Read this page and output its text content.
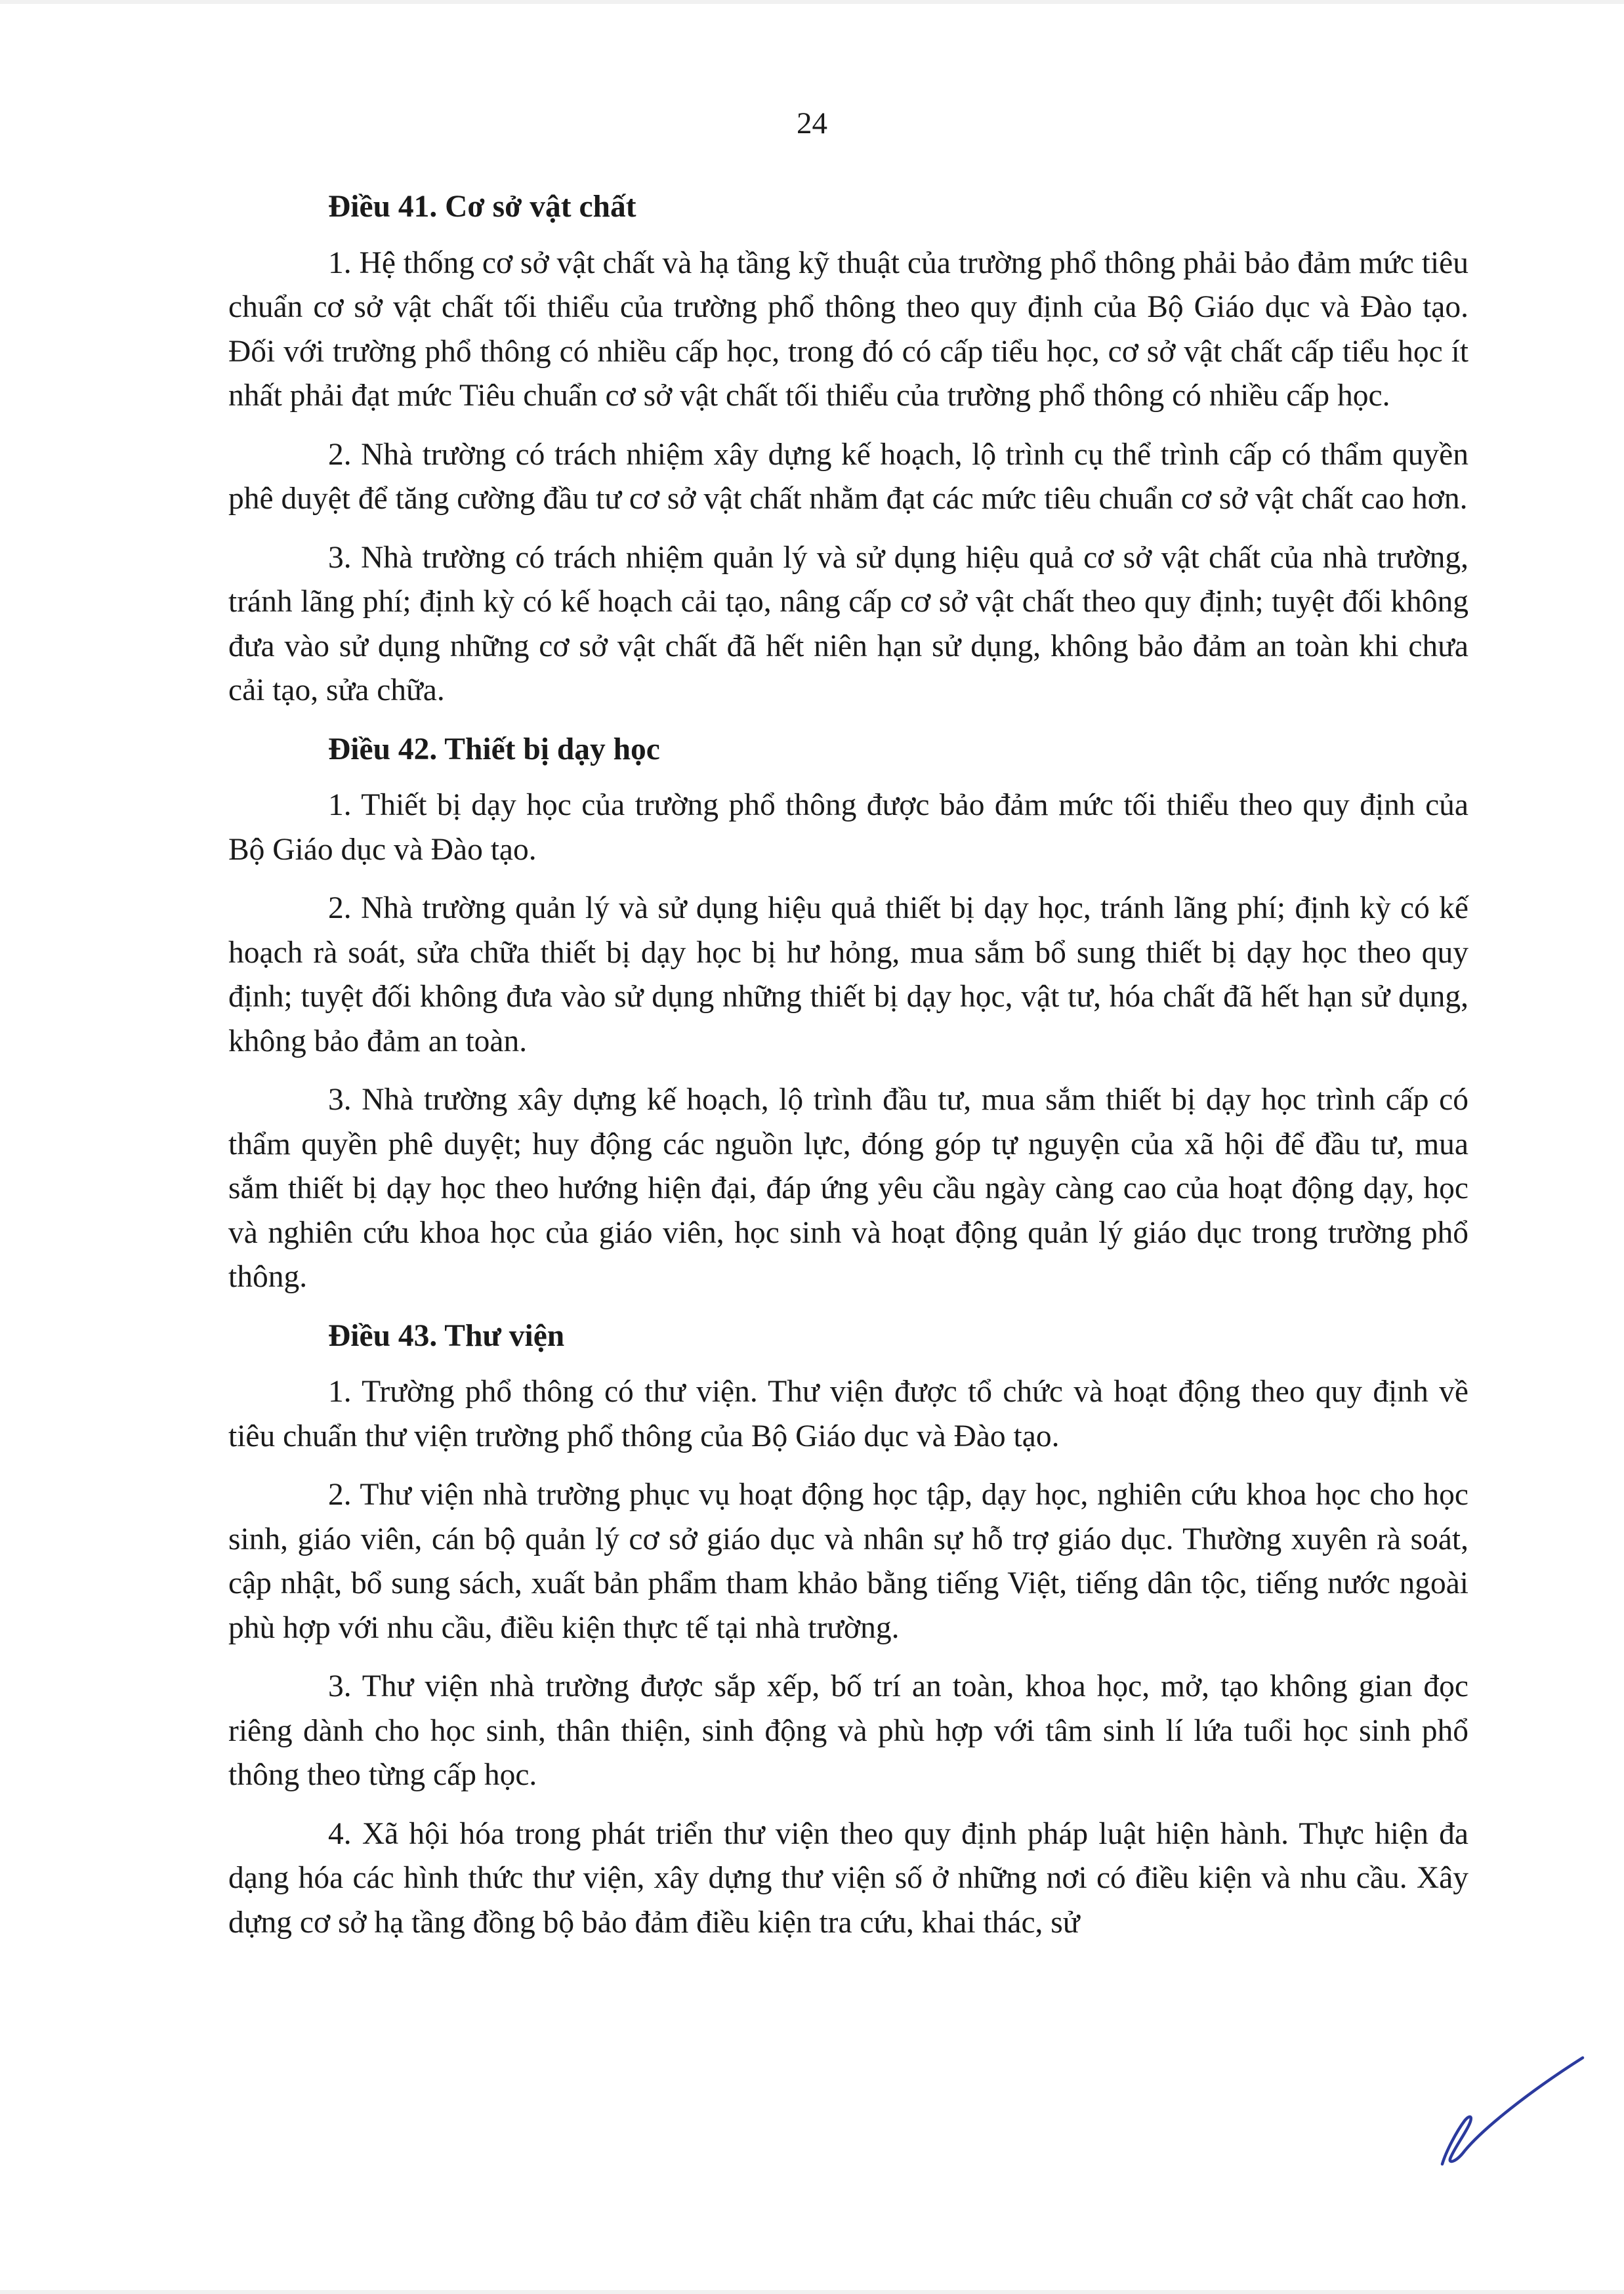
24

Điều 41. Cơ sở vật chất

1. Hệ thống cơ sở vật chất và hạ tầng kỹ thuật của trường phổ thông phải bảo đảm mức tiêu chuẩn cơ sở vật chất tối thiểu của trường phổ thông theo quy định của Bộ Giáo dục và Đào tạo. Đối với trường phổ thông có nhiều cấp học, trong đó có cấp tiểu học, cơ sở vật chất cấp tiểu học ít nhất phải đạt mức Tiêu chuẩn cơ sở vật chất tối thiểu của trường phổ thông có nhiều cấp học.

2. Nhà trường có trách nhiệm xây dựng kế hoạch, lộ trình cụ thể trình cấp có thẩm quyền phê duyệt để tăng cường đầu tư cơ sở vật chất nhằm đạt các mức tiêu chuẩn cơ sở vật chất cao hơn.

3. Nhà trường có trách nhiệm quản lý và sử dụng hiệu quả cơ sở vật chất của nhà trường, tránh lãng phí; định kỳ có kế hoạch cải tạo, nâng cấp cơ sở vật chất theo quy định; tuyệt đối không đưa vào sử dụng những cơ sở vật chất đã hết niên hạn sử dụng, không bảo đảm an toàn khi chưa cải tạo, sửa chữa.

Điều 42. Thiết bị dạy học

1. Thiết bị dạy học của trường phổ thông được bảo đảm mức tối thiểu theo quy định của Bộ Giáo dục và Đào tạo.

2. Nhà trường quản lý và sử dụng hiệu quả thiết bị dạy học, tránh lãng phí; định kỳ có kế hoạch rà soát, sửa chữa thiết bị dạy học bị hư hỏng, mua sắm bổ sung thiết bị dạy học theo quy định; tuyệt đối không đưa vào sử dụng những thiết bị dạy học, vật tư, hóa chất đã hết hạn sử dụng, không bảo đảm an toàn.

3. Nhà trường xây dựng kế hoạch, lộ trình đầu tư, mua sắm thiết bị dạy học trình cấp có thẩm quyền phê duyệt; huy động các nguồn lực, đóng góp tự nguyện của xã hội để đầu tư, mua sắm thiết bị dạy học theo hướng hiện đại, đáp ứng yêu cầu ngày càng cao của hoạt động dạy, học và nghiên cứu khoa học của giáo viên, học sinh và hoạt động quản lý giáo dục trong trường phổ thông.

Điều 43. Thư viện

1. Trường phổ thông có thư viện. Thư viện được tổ chức và hoạt động theo quy định về tiêu chuẩn thư viện trường phổ thông của Bộ Giáo dục và Đào tạo.

2. Thư viện nhà trường phục vụ hoạt động học tập, dạy học, nghiên cứu khoa học cho học sinh, giáo viên, cán bộ quản lý cơ sở giáo dục và nhân sự hỗ trợ giáo dục. Thường xuyên rà soát, cập nhật, bổ sung sách, xuất bản phẩm tham khảo bằng tiếng Việt, tiếng dân tộc, tiếng nước ngoài phù hợp với nhu cầu, điều kiện thực tế tại nhà trường.

3. Thư viện nhà trường được sắp xếp, bố trí an toàn, khoa học, mở, tạo không gian đọc riêng dành cho học sinh, thân thiện, sinh động và phù hợp với tâm sinh lí lứa tuổi học sinh phổ thông theo từng cấp học.

4. Xã hội hóa trong phát triển thư viện theo quy định pháp luật hiện hành. Thực hiện đa dạng hóa các hình thức thư viện, xây dựng thư viện số ở những nơi có điều kiện và nhu cầu. Xây dựng cơ sở hạ tầng đồng bộ bảo đảm điều kiện tra cứu, khai thác, sử
